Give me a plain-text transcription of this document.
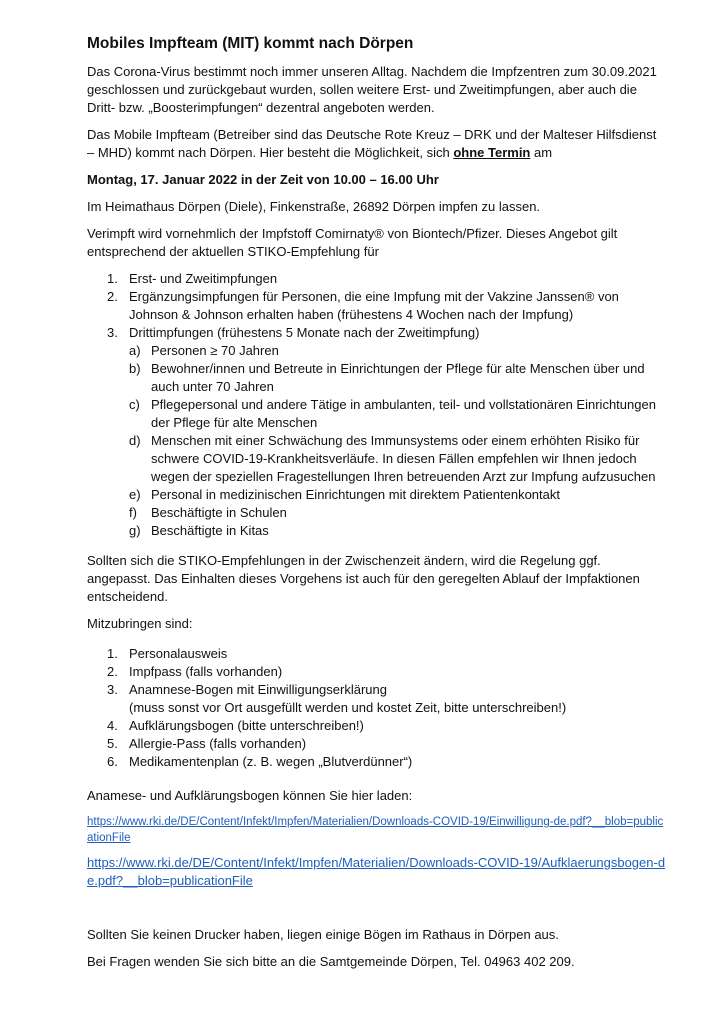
Mobiles Impfteam (MIT) kommt nach Dörpen

Das Corona-Virus bestimmt noch immer unseren Alltag. Nachdem die Impfzentren zum 30.09.2021 geschlossen und zurückgebaut wurden, sollen weitere Erst- und Zweitimpfungen, aber auch die Dritt- bzw. „Boosterimpfungen“ dezentral angeboten werden.

Das Mobile Impfteam (Betreiber sind das Deutsche Rote Kreuz – DRK und der Malteser Hilfsdienst – MHD) kommt nach Dörpen. Hier besteht die Möglichkeit, sich ohne Termin am

Montag, 17. Januar 2022 in der Zeit von 10.00 – 16.00 Uhr

Im Heimathaus Dörpen (Diele), Finkenstraße, 26892 Dörpen impfen zu lassen.

Verimpft wird vornehmlich der Impfstoff Comirnaty® von Biontech/Pfizer. Dieses Angebot gilt entsprechend der aktuellen STIKO-Empfehlung für

1. Erst- und Zweitimpfungen
2. Ergänzungsimpfungen für Personen, die eine Impfung mit der Vakzine Janssen® von Johnson & Johnson erhalten haben (frühestens 4 Wochen nach der Impfung)
3. Drittimpfungen (frühestens 5 Monate nach der Zweitimpfung)
a) Personen ≥ 70 Jahren
b) Bewohner/innen und Betreute in Einrichtungen der Pflege für alte Menschen über und auch unter 70 Jahren
c) Pflegepersonal und andere Tätige in ambulanten, teil- und vollstationären Einrichtungen der Pflege für alte Menschen
d) Menschen mit einer Schwächung des Immunsystems oder einem erhöhten Risiko für schwere COVID-19-Krankheitsverläufe. In diesen Fällen empfehlen wir Ihnen jedoch wegen der speziellen Fragestellungen Ihren betreuenden Arzt zur Impfung aufzusuchen
e) Personal in medizinischen Einrichtungen mit direktem Patientenkontakt
f) Beschäftigte in Schulen
g) Beschäftigte in Kitas

Sollten sich die STIKO-Empfehlungen in der Zwischenzeit ändern, wird die Regelung ggf. angepasst. Das Einhalten dieses Vorgehens ist auch für den geregelten Ablauf der Impfaktionen entscheidend.

Mitzubringen sind:

1. Personalausweis
2. Impfpass (falls vorhanden)
3. Anamnese-Bogen mit Einwilligungserklärung
(muss sonst vor Ort ausgefüllt werden und kostet Zeit, bitte unterschreiben!)
4. Aufklärungsbogen (bitte unterschreiben!)
5. Allergie-Pass (falls vorhanden)
6. Medikamentenplan (z. B. wegen „Blutverdünner“)

Anamese- und Aufklärungsbogen können Sie hier laden:

https://www.rki.de/DE/Content/Infekt/Impfen/Materialien/Downloads-COVID-19/Einwilligung-de.pdf?__blob=publicationFile
https://www.rki.de/DE/Content/Infekt/Impfen/Materialien/Downloads-COVID-19/Aufklaerungsbogen-de.pdf?__blob=publicationFile

Sollten Sie keinen Drucker haben, liegen einige Bögen im Rathaus in Dörpen aus.

Bei Fragen wenden Sie sich bitte an die Samtgemeinde Dörpen, Tel. 04963 402 209.
